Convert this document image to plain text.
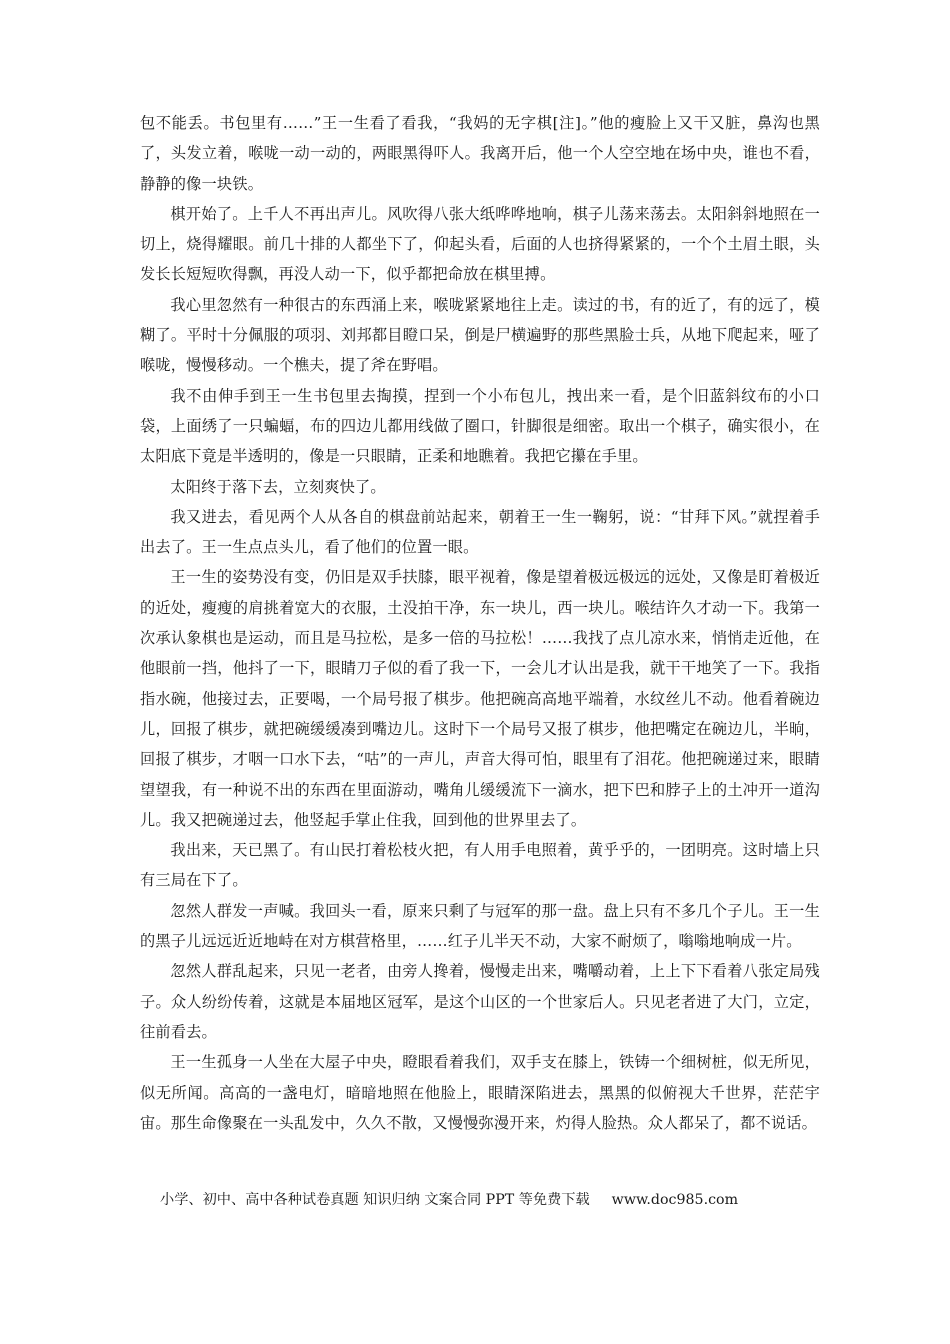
包不能丢。书包里有……”王一生看了看我，“我妈的无字棋[注]。”他的瘦脸上又干又脏，鼻沟也黑了，头发立着，喉咙一动一动的，两眼黑得吓人。我离开后，他一个人空空地在场中央，谁也不看，静静的像一块铁。

棋开始了。上千人不再出声儿。风吹得八张大纸哗哗地响，棋子儿荡来荡去。太阳斜斜地照在一切上，烧得耀眼。前几十排的人都坐下了，仰起头看，后面的人也挤得紧紧的，一个个土眉土眼，头发长长短短吹得飘，再没人动一下，似乎都把命放在棋里搏。

我心里忽然有一种很古的东西涌上来，喉咙紧紧地往上走。读过的书，有的近了，有的远了，模糊了。平时十分佩服的项羽、刘邦都目瞪口呆，倒是尸横遍野的那些黑脸士兵，从地下爬起来，哑了喉咙，慢慢移动。一个樵夫，提了斧在野唱。

我不由伸手到王一生书包里去掏摸，捏到一个小布包儿，拽出来一看，是个旧蓝斜纹布的小口袋，上面绣了一只蝙蝠，布的四边儿都用线做了圈口，针脚很是细密。取出一个棋子，确实很小，在太阳底下竟是半透明的，像是一只眼睛，正柔和地瞧着。我把它攥在手里。

太阳终于落下去，立刻爽快了。

我又进去，看见两个人从各自的棋盘前站起来，朝着王一生一鞠躬，说：“甘拜下风。”就捏着手出去了。王一生点点头儿，看了他们的位置一眼。

王一生的姿势没有变，仍旧是双手扶膝，眼平视着，像是望着极远极远的远处，又像是盯着极近的近处，瘦瘦的肩挑着宽大的衣服，土没拍干净，东一块儿，西一块儿。喉结许久才动一下。我第一次承认象棋也是运动，而且是马拉松，是多一倍的马拉松！……我找了点儿凉水来，悄悄走近他，在他眼前一挡，他抖了一下，眼睛刀子似的看了我一下，一会儿才认出是我，就干干地笑了一下。我指指水碗，他接过去，正要喝，一个局号报了棋步。他把碗高高地平端着，水纹丝儿不动。他看着碗边儿，回报了棋步，就把碗缓缓凑到嘴边儿。这时下一个局号又报了棋步，他把嘴定在碗边儿，半晌，回报了棋步，才咽一口水下去，“咕”的一声儿，声音大得可怕，眼里有了泪花。他把碗递过来，眼睛望望我，有一种说不出的东西在里面游动，嘴角儿缓缓流下一滴水，把下巴和脖子上的土冲开一道沟儿。我又把碗递过去，他竖起手掌止住我，回到他的世界里去了。

我出来，天已黑了。有山民打着松枝火把，有人用手电照着，黄乎乎的，一团明亮。这时墙上只有三局在下了。

忽然人群发一声喊。我回头一看，原来只剩了与冠军的那一盘。盘上只有不多几个子儿。王一生的黑子儿远远近近地峙在对方棋营格里，……红子儿半天不动，大家不耐烦了，嗡嗡地响成一片。

忽然人群乱起来，只见一老者，由旁人搀着，慢慢走出来，嘴嚼动着，上上下下看着八张定局残子。众人纷纷传着，这就是本届地区冠军，是这个山区的一个世家后人。只见老者进了大门，立定，往前看去。

王一生孤身一人坐在大屋子中央，瞪眼看着我们，双手支在膝上，铁铸一个细树桩，似无所见，似无所闻。高高的一盏电灯，暗暗地照在他脸上，眼睛深陷进去，黑黑的似俯视大千世界，茫茫宇宙。那生命像聚在一头乱发中，久久不散，又慢慢弥漫开来，灼得人脸热。众人都呆了，都不说话。

小学、初中、高中各种试卷真题 知识归纳 文案合同 PPT 等免费下载 www.doc985.com
